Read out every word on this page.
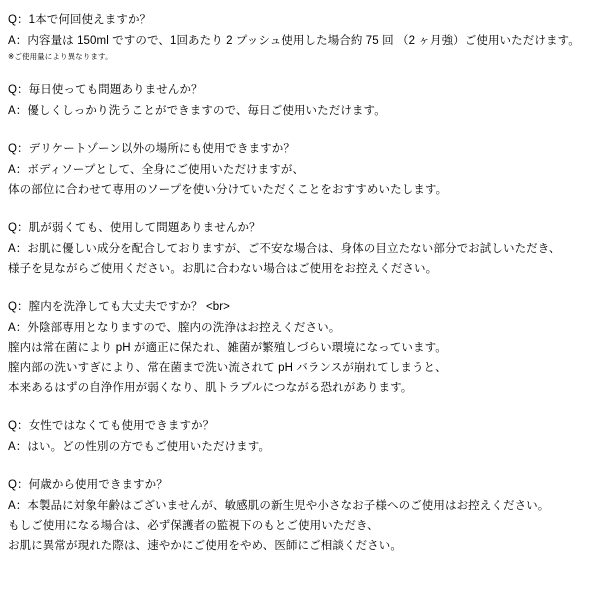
Q：1本で何回使えますか？
A：内容量は 150ml ですので、1回あたり 2 プッシュ使用した場合約 75 回 （2 ヶ月強）ご使用いただけます。
※ご使用量により異なります。
Q：毎日使っても問題ありませんか？
A：優しくしっかり洗うことができますので、毎日ご使用いただけます。
Q：デリケートゾーン以外の場所にも使用できますか？
A：ボディソープとして、全身にご使用いただけますが、
体の部位に合わせて専用のソープを使い分けていただくことをおすすめいたします。
Q：肌が弱くても、使用して問題ありませんか？
A：お肌に優しい成分を配合しておりますが、ご不安な場合は、身体の目立たない部分でお試しいただき、
様子を見ながらご使用ください。お肌に合わない場合はご使用をお控えください。
Q：膣内を洗浄しても大丈夫ですか？ <br>
A：外陰部専用となりますので、膣内の洗浄はお控えください。
膣内は常在菌により pH が適正に保たれ、雑菌が繁殖しづらい環境になっています。
膣内部の洗いすぎにより、常在菌まで洗い流されて pH バランスが崩れてしまうと、
本来あるはずの自浄作用が弱くなり、肌トラブルにつながる恐れがあります。
Q：女性ではなくても使用できますか？
A：はい。どの性別の方でもご使用いただけます。
Q：何歳から使用できますか？
A：本製品に対象年齢はございませんが、敏感肌の新生児や小さなお子様へのご使用はお控えください。
もしご使用になる場合は、必ず保護者の監視下のもとご使用いただき、
お肌に異常が現れた際は、速やかにご使用をやめ、医師にご相談ください。
